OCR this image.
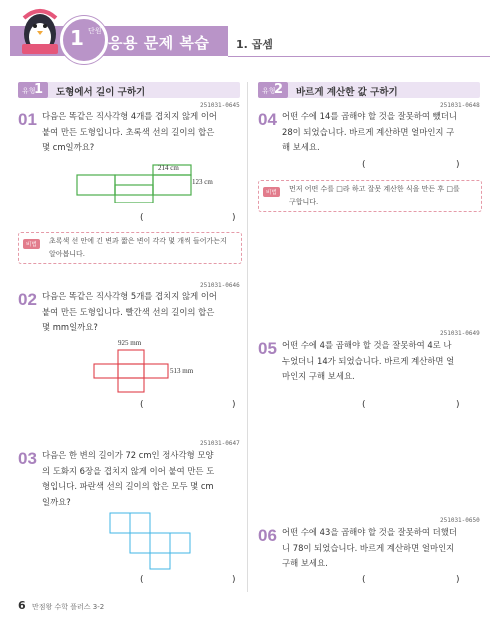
1 단원
응용 문제 복습 1. 곱셈
유형
1 도형에서 길이 구하기	유형
2 바르게 계산한 값 구하기
251031-0645
01 다음은 똑같은 직사각형 4개를 겹치지 않게 이어
붙여 만든 도형입니다. 초록색 선의 길이의 합은
몇 cm일까요?
214 cm
123 cm
(	)
비법	초록색 선 안에 긴 변과 짧은 변이 각각 몇 개씩 들어가는지
알아봅니다.
251031-0646
02 다음은 똑같은 직사각형 5개를 겹치지 않게 이어
붙여 만든 도형입니다. 빨간색 선의 길이의 합은
몇 mm일까요?
925 mm
513 mm
(	)
251031-0647
03 다음은 한 변의 길이가 72 cm인 정사각형 모양
의 도화지 6장을 겹치지 않게 이어 붙여 만든 도
형입니다. 파란색 선의 길이의 합은 모두 몇 cm
일까요?
(	)
251031-0648
04 어떤 수에 14를 곱해야 할 것을 잘못하여 뺐더니
28이 되었습니다. 바르게 계산하면 얼마인지 구
해 보세요.
(	)
비법	먼저 어떤 수를 □라 하고 잘못 계산한 식을 만든 후 □를
구합니다.
251031-0649
05 어떤 수에 4를 곱해야 할 것을 잘못하여 4로 나
누었더니 14가 되었습니다. 바르게 계산하면 얼
마인지 구해 보세요.
(	)
251031-0650
06 어떤 수에 43을 곱해야 할 것을 잘못하여 더했더
니 78이 되었습니다. 바르게 계산하면 얼마인지
구해 보세요.
(	)
6 만점왕 수학 플러스 3-2
